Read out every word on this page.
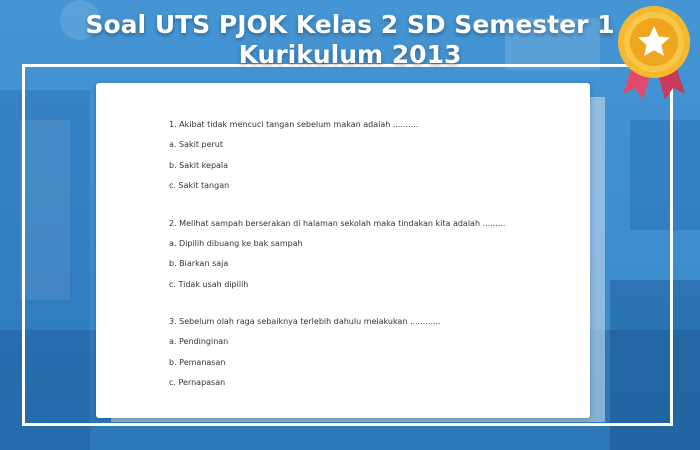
Soal UTS PJOK Kelas 2 SD Semester 1
Kurikulum 2013

1. Akibat tidak mencuci tangan sebelum makan adalah ..........

a. Sakit perut

b. Sakit kepala

c. Sakit tangan

2. Melihat sampah berserakan di halaman sekolah maka tindakan kita adalah .........

a. Dipilih dibuang ke bak sampah

b. Biarkan saja

c. Tidak usah dipilih

3. Sebelum olah raga sebaiknya terlebih dahulu melakukan ............

a. Pendinginan

b. Pemanasan

c. Pernapasan
